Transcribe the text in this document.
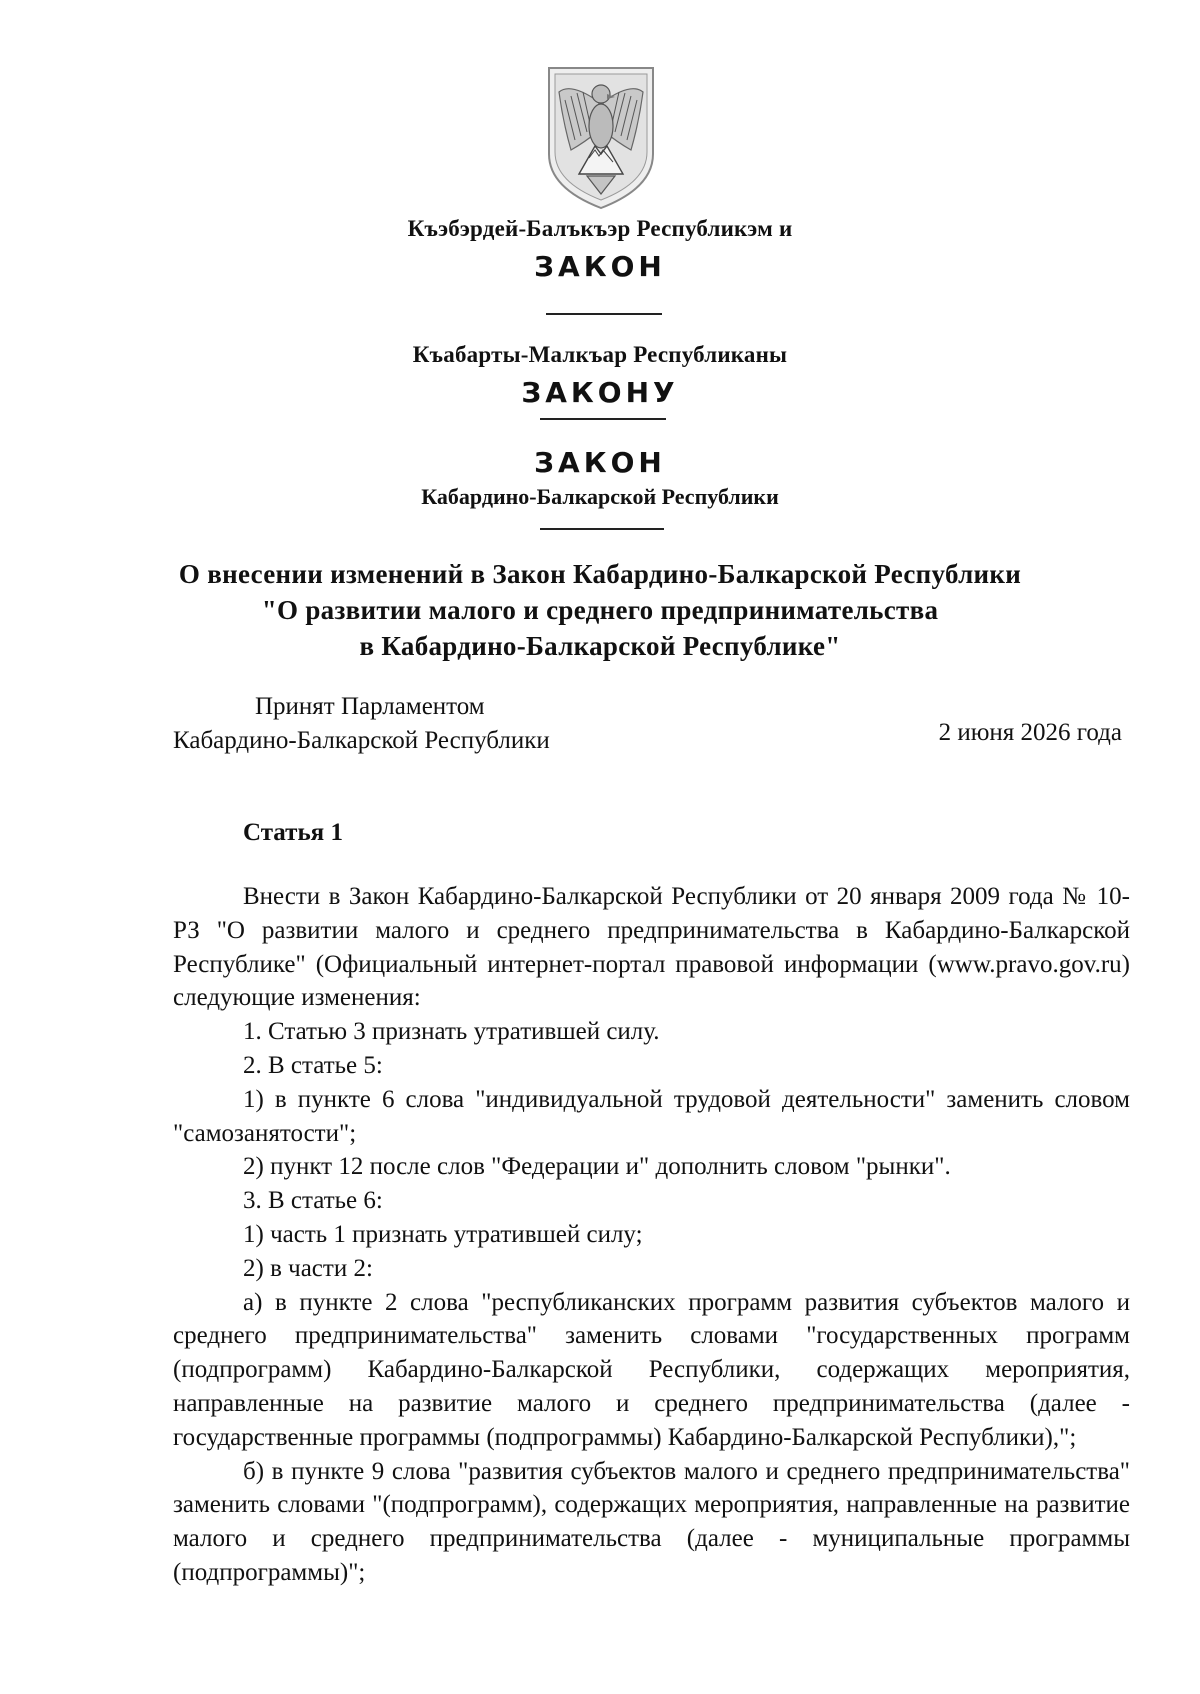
Къэбэрдей-Балъкъэр Республикэм и
ЗАКОН
Къабарты-Малкъар Республиканы
ЗАКОНУ
ЗАКОН
Кабардино-Балкарской Республики
О внесении изменений в Закон Кабардино-Балкарской Республики
"О развитии малого и среднего предпринимательства
в Кабардино-Балкарской Республике"
Принят Парламентом
Кабардино-Балкарской Республики	2 июня 2026 года
Статья 1

Внести в Закон Кабардино-Балкарской Республики от 20 января 2009 года № 10-РЗ "О развитии малого и среднего предпринимательства в Кабардино-Балкарской Республике" (Официальный интернет-портал правовой информации (www.pravo.gov.ru) следующие изменения:

1. Статью 3 признать утратившей силу.

2. В статье 5:

1) в пункте 6 слова "индивидуальной трудовой деятельности" заменить словом "самозанятости";

2) пункт 12 после слов "Федерации и" дополнить словом "рынки".

3. В статье 6:

1) часть 1 признать утратившей силу;

2) в части 2:

а) в пункте 2 слова "республиканских программ развития субъектов малого и среднего предпринимательства" заменить словами "государственных программ (подпрограмм) Кабардино-Балкарской Республики, содержащих мероприятия, направленные на развитие малого и среднего предпринимательства (далее - государственные программы (подпрограммы) Кабардино-Балкарской Республики),";

б) в пункте 9 слова "развития субъектов малого и среднего предпринимательства" заменить словами "(подпрограмм), содержащих мероприятия, направленные на развитие малого и среднего предпринимательства (далее - муниципальные программы (подпрограммы)";
